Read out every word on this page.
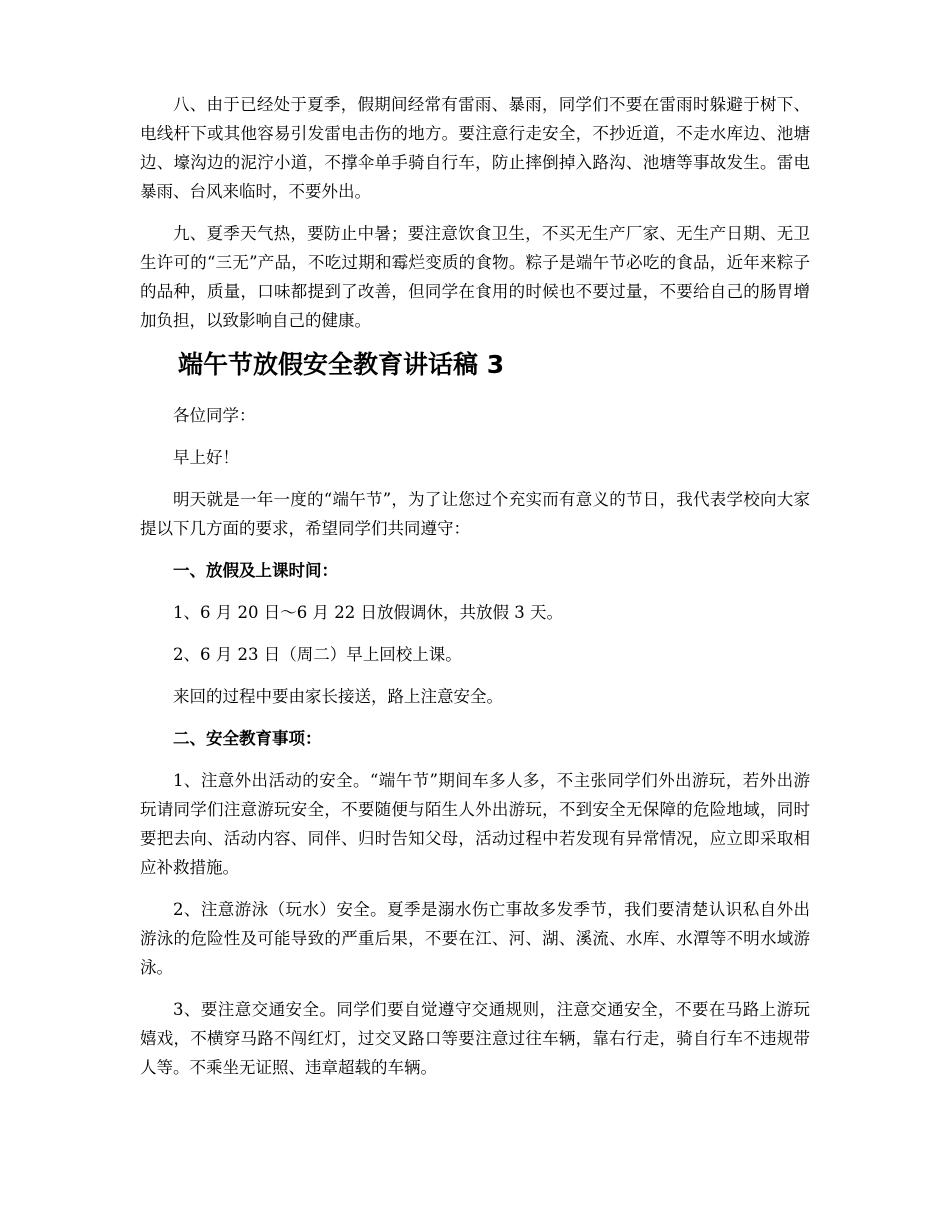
八、由于已经处于夏季，假期间经常有雷雨、暴雨，同学们不要在雷雨时躲避于树下、电线杆下或其他容易引发雷电击伤的地方。要注意行走安全，不抄近道，不走水库边、池塘边、壕沟边的泥泞小道，不撑伞单手骑自行车，防止摔倒掉入路沟、池塘等事故发生。雷电暴雨、台风来临时，不要外出。

九、夏季天气热，要防止中暑；要注意饮食卫生，不买无生产厂家、无生产日期、无卫生许可的“三无”产品，不吃过期和霉烂变质的食物。粽子是端午节必吃的食品，近年来粽子的品种，质量，口味都提到了改善，但同学在食用的时候也不要过量，不要给自己的肠胃增加负担，以致影响自己的健康。

端午节放假安全教育讲话稿 3

各位同学：

早上好！

明天就是一年一度的“端午节”，为了让您过个充实而有意义的节日，我代表学校向大家提以下几方面的要求，希望同学们共同遵守：

一、放假及上课时间：

1、6 月 20 日～6 月 22 日放假调休，共放假 3 天。

2、6 月 23 日（周二）早上回校上课。

来回的过程中要由家长接送，路上注意安全。

二、安全教育事项：

1、注意外出活动的安全。“端午节”期间车多人多，不主张同学们外出游玩，若外出游玩请同学们注意游玩安全，不要随便与陌生人外出游玩，不到安全无保障的危险地域，同时要把去向、活动内容、同伴、归时告知父母，活动过程中若发现有异常情况，应立即采取相应补救措施。

2、注意游泳（玩水）安全。夏季是溺水伤亡事故多发季节，我们要清楚认识私自外出游泳的危险性及可能导致的严重后果，不要在江、河、湖、溪流、水库、水潭等不明水域游泳。

3、要注意交通安全。同学们要自觉遵守交通规则，注意交通安全，不要在马路上游玩嬉戏，不横穿马路不闯红灯，过交叉路口等要注意过往车辆，靠右行走，骑自行车不违规带人等。不乘坐无证照、违章超载的车辆。
